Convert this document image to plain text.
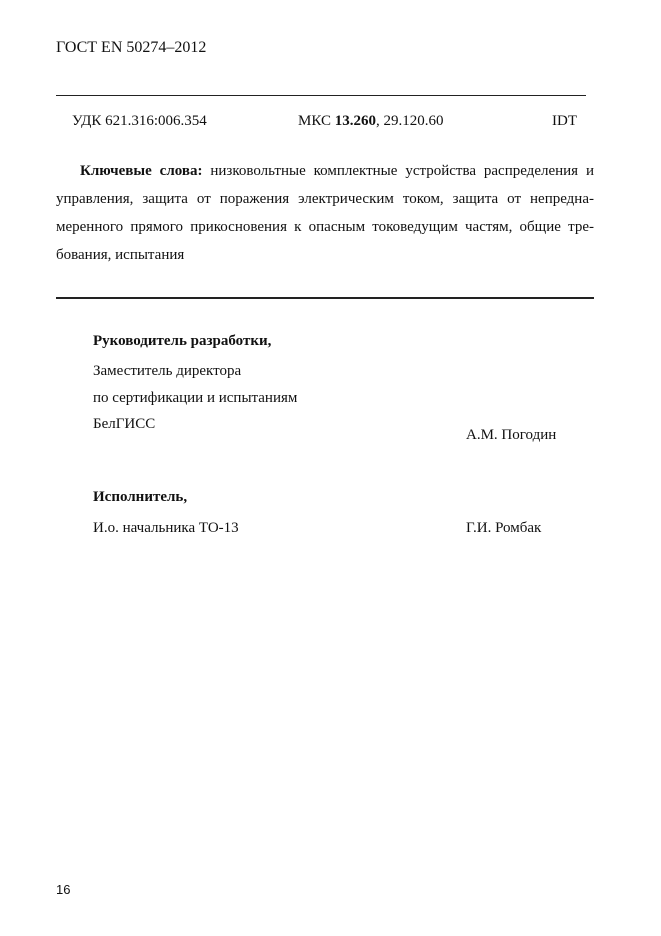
ГОСТ EN 50274–2012
УДК 621.316:006.354	МКС 13.260, 29.120.60	IDT
Ключевые слова: низковольтные комплектные устройства распределения и
управления, защита от поражения электрическим током, защита от непредна-
меренного прямого прикосновения к опасным токоведущим частям, общие тре-
бования, испытания
Руководитель разработки,
Заместитель директора
по сертификации и испытаниям
БелГИСС
А.М. Погодин
Исполнитель,
И.о. начальника ТО-13	Г.И. Ромбак
16
